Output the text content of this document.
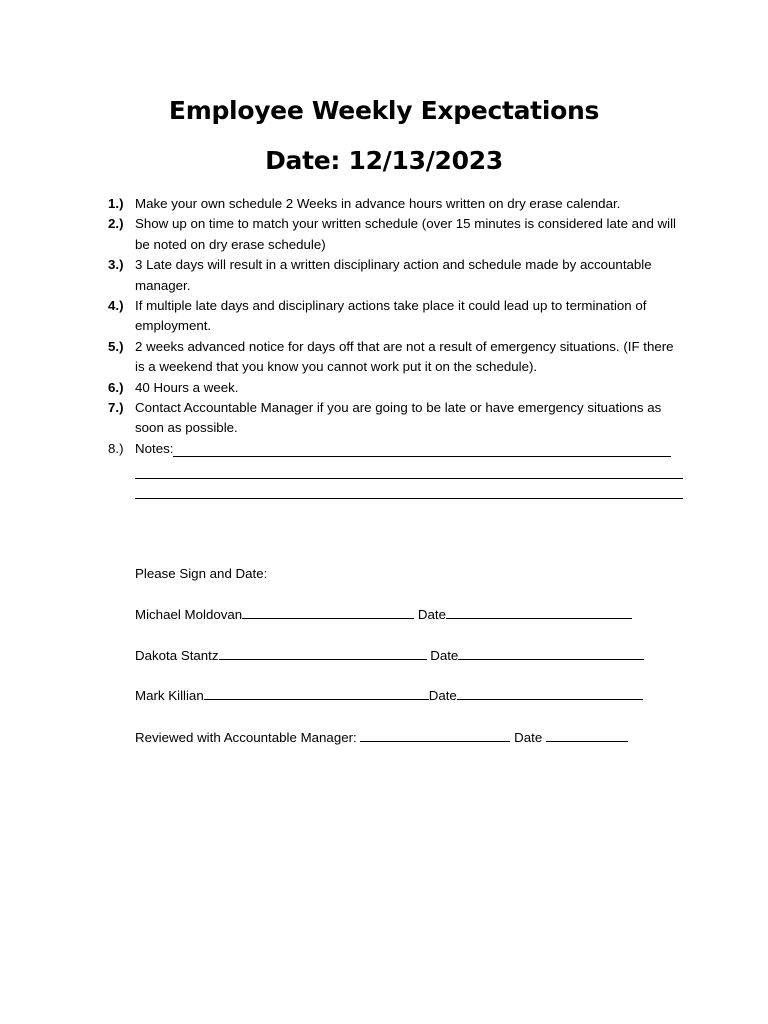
Employee Weekly Expectations
Date: 12/13/2023
1.) Make your own schedule 2 Weeks in advance hours written on dry erase calendar.
2.) Show up on time to match your written schedule (over 15 minutes is considered late and will be noted on dry erase schedule)
3.) 3 Late days will result in a written disciplinary action and schedule made by accountable manager.
4.) If multiple late days and disciplinary actions take place it could lead up to termination of employment.
5.) 2 weeks advanced notice for days off that are not a result of emergency situations. (IF there is a weekend that you know you cannot work put it on the schedule).
6.) 40 Hours a week.
7.) Contact Accountable Manager if you are going to be late or have emergency situations as soon as possible.
8.) Notes:
Please Sign and Date:
Michael Moldovan	Date
Dakota Stantz	Date
Mark Killian	Date
Reviewed with Accountable Manager:	Date
